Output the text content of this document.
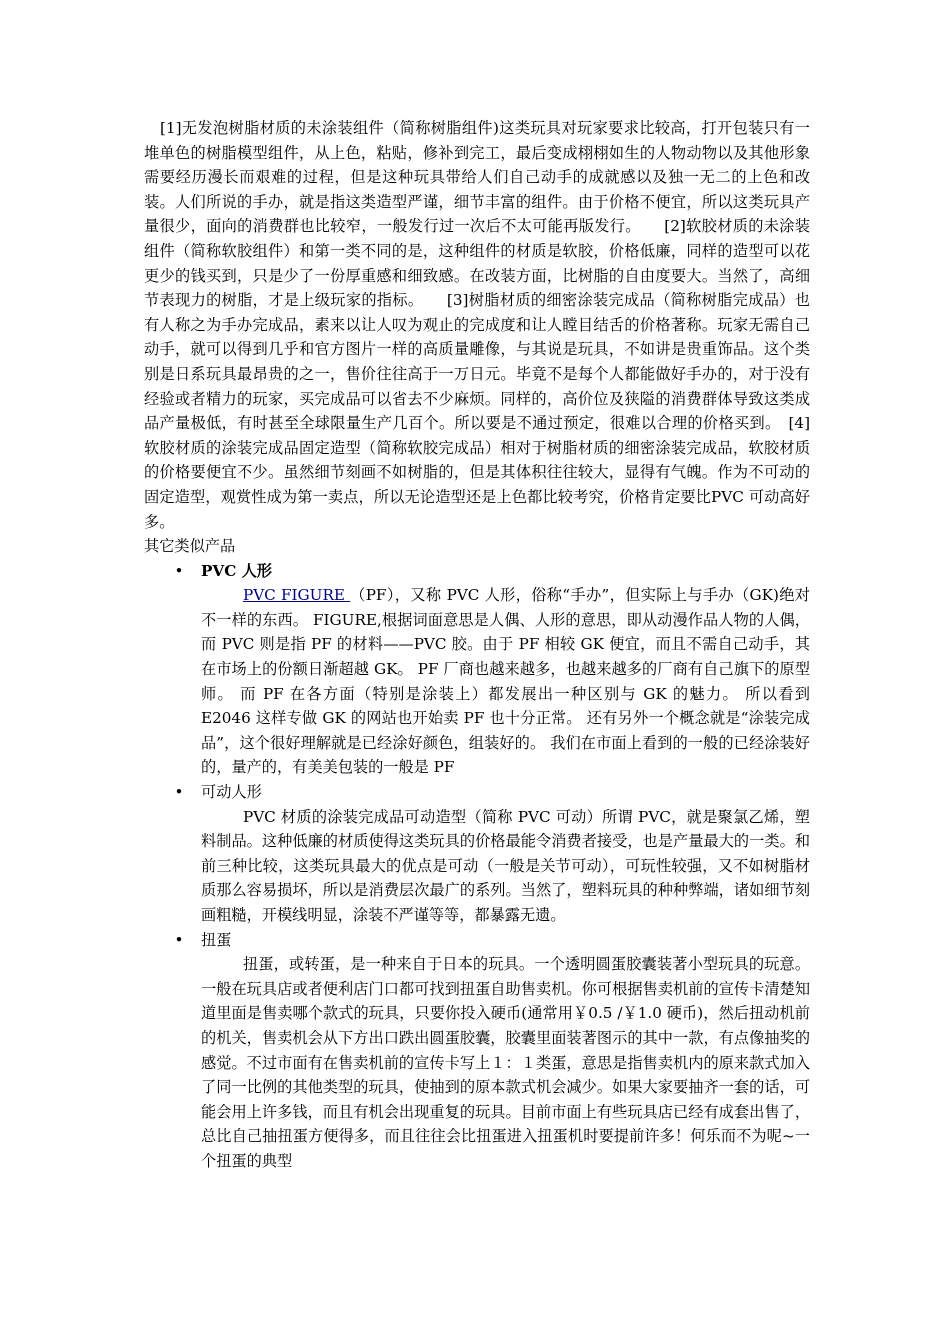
[1]无发泡树脂材质的未涂装组件（简称树脂组件)这类玩具对玩家要求比较高，打开包装只有一堆单色的树脂模型组件，从上色，粘贴，修补到完工，最后变成栩栩如生的人物动物以及其他形象需要经历漫长而艰难的过程，但是这种玩具带给人们自己动手的成就感以及独一无二的上色和改装。人们所说的手办，就是指这类造型严谨，细节丰富的组件。由于价格不便宜，所以这类玩具产量很少，面向的消费群也比较窄，一般发行过一次后不太可能再版发行。　　[2]软胶材质的未涂装组件（简称软胶组件）和第一类不同的是，这种组件的材质是软胶，价格低廉，同样的造型可以花更少的钱买到，只是少了一份厚重感和细致感。在改装方面，比树脂的自由度要大。当然了，高细节表现力的树脂，才是上级玩家的指标。　　[3]树脂材质的细密涂装完成品（简称树脂完成品）也有人称之为手办完成品，素来以让人叹为观止的完成度和让人瞠目结舌的价格著称。玩家无需自己动手，就可以得到几乎和官方图片一样的高质量雕像，与其说是玩具，不如讲是贵重饰品。这个类别是日系玩具最昂贵的之一，售价往往高于一万日元。毕竟不是每个人都能做好手办的，对于没有经验或者精力的玩家，买完成品可以省去不少麻烦。同样的，高价位及狭隘的消费群体导致这类成品产量极低，有时甚至全球限量生产几百个。所以要是不通过预定，很难以合理的价格买到。　[4]软胶材质的涂装完成品固定造型（简称软胶完成品）相对于树脂材质的细密涂装完成品，软胶材质的价格要便宜不少。虽然细节刻画不如树脂的，但是其体积往往较大，显得有气魄。作为不可动的固定造型，观赏性成为第一卖点，所以无论造型还是上色都比较考究，价格肯定要比PVC 可动高好多。

其它类似产品

• PVC 人形

PVC FIGURE （PF），又称 PVC 人形，俗称“手办”，但实际上与手办（GK)绝对不一样的东西。 FIGURE,根据词面意思是人偶、人形的意思，即从动漫作品人物的人偶，而 PVC 则是指 PF 的材料——PVC 胶。由于 PF 相较 GK 便宜，而且不需自己动手，其在市场上的份额日渐超越 GK。 PF 厂商也越来越多，也越来越多的厂商有自己旗下的原型师。 而 PF 在各方面（特别是涂装上）都发展出一种区别与 GK 的魅力。 所以看到 E2046 这样专做 GK 的网站也开始卖 PF 也十分正常。 还有另外一个概念就是“涂装完成品”，这个很好理解就是已经涂好颜色，组装好的。 我们在市面上看到的一般的已经涂装好的，量产的，有美美包装的一般是 PF

• 可动人形

PVC 材质的涂装完成品可动造型（简称 PVC 可动）所谓 PVC，就是聚氯乙烯，塑料制品。这种低廉的材质使得这类玩具的价格最能令消费者接受，也是产量最大的一类。和前三种比较，这类玩具最大的优点是可动（一般是关节可动），可玩性较强，又不如树脂材质那么容易损坏，所以是消费层次最广的系列。当然了，塑料玩具的种种弊端，诸如细节刻画粗糙，开模线明显，涂装不严谨等等，都暴露无遗。

• 扭蛋

扭蛋，或转蛋，是一种来自于日本的玩具。一个透明圆蛋胶囊装著小型玩具的玩意。一般在玩具店或者便利店门口都可找到扭蛋自助售卖机。你可根据售卖机前的宣传卡清楚知道里面是售卖哪个款式的玩具，只要你投入硬币(通常用￥0.5 /￥1.0 硬币)，然后扭动机前的机关，售卖机会从下方出口跌出圆蛋胶囊，胶囊里面装著图示的其中一款，有点像抽奖的感觉。不过市面有在售卖机前的宣传卡写上１：１类蛋，意思是指售卖机内的原来款式加入了同一比例的其他类型的玩具，使抽到的原本款式机会减少。如果大家要抽齐一套的话，可能会用上许多钱，而且有机会出现重复的玩具。目前市面上有些玩具店已经有成套出售了，总比自己抽扭蛋方便得多，而且往往会比扭蛋进入扭蛋机时要提前许多！何乐而不为呢~一个扭蛋的典型
